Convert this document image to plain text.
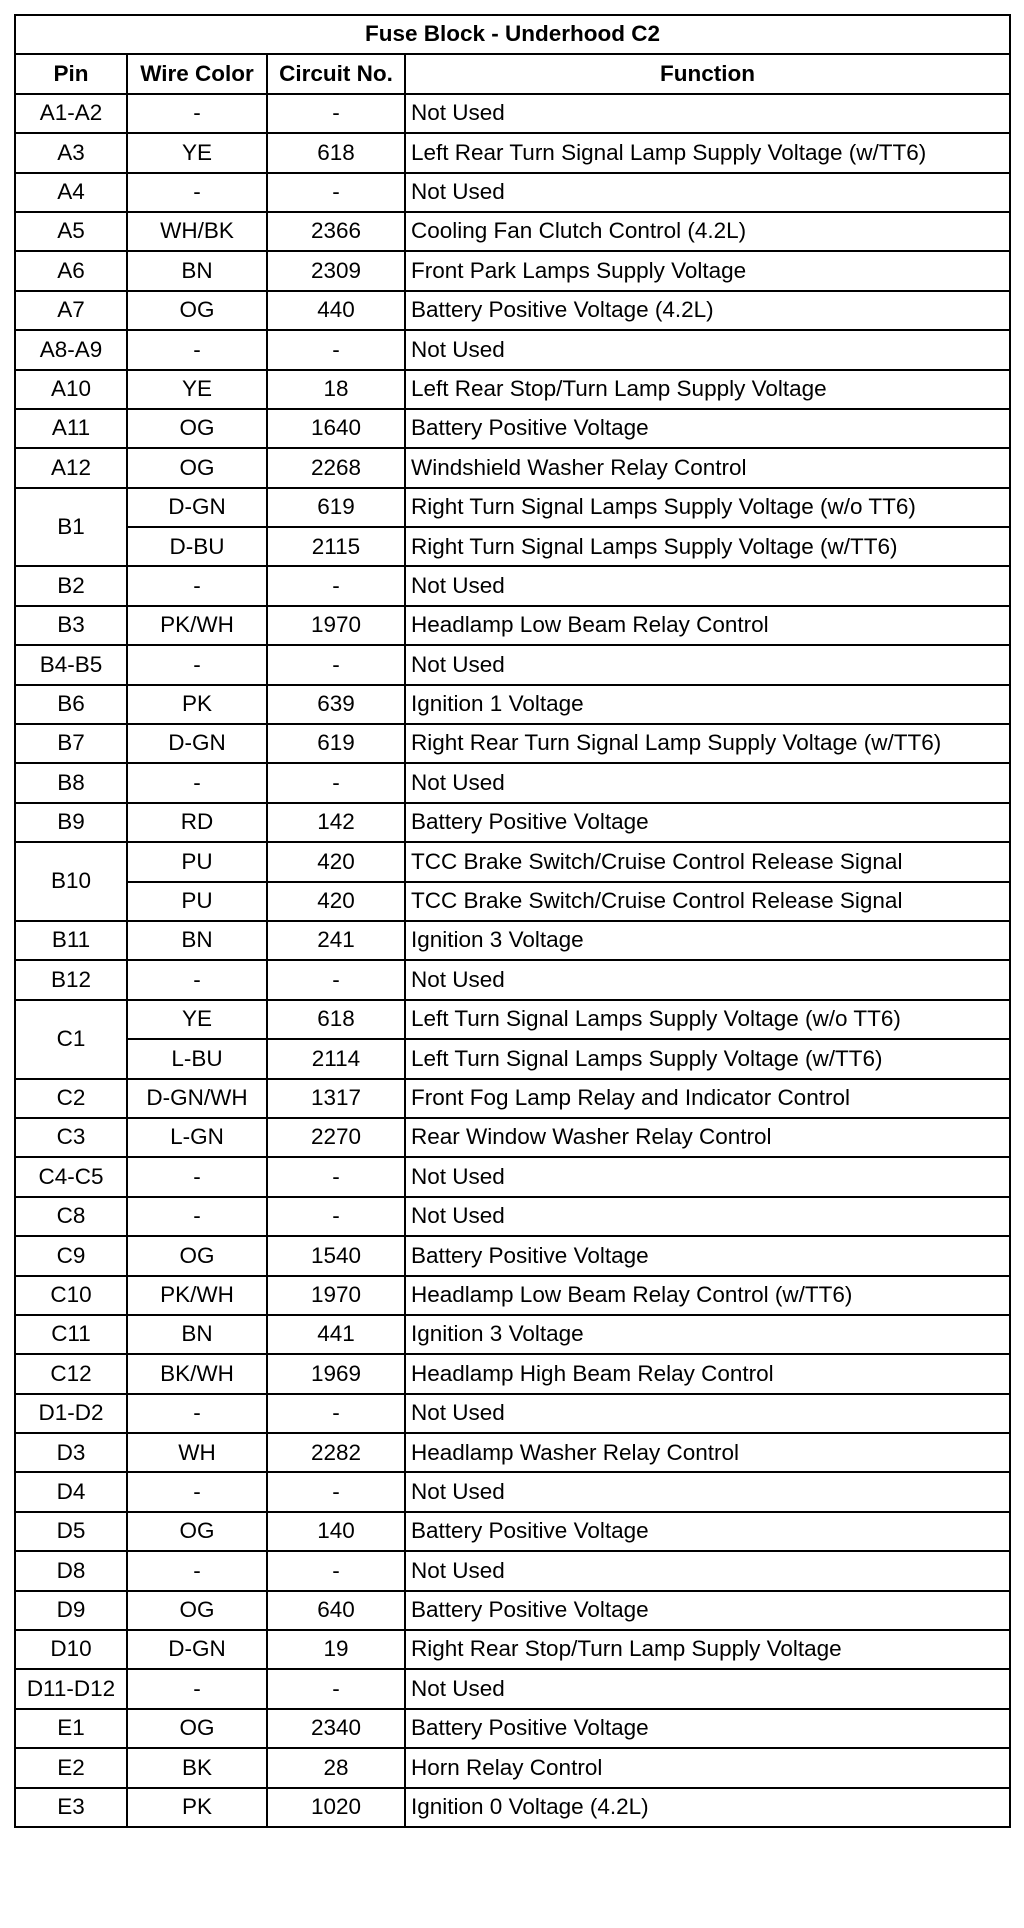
Fuse Block - Underhood C2			
Pin	Wire Color	Circuit No.	Function
A1-A2	-	-	Not Used
A3	YE	618	Left Rear Turn Signal Lamp Supply Voltage (w/TT6)
A4	-	-	Not Used
A5	WH/BK	2366	Cooling Fan Clutch Control (4.2L)
A6	BN	2309	Front Park Lamps Supply Voltage
A7	OG	440	Battery Positive Voltage (4.2L)
A8-A9	-	-	Not Used
A10	YE	18	Left Rear Stop/Turn Lamp Supply Voltage
A11	OG	1640	Battery Positive Voltage
A12	OG	2268	Windshield Washer Relay Control
B1	D-GN	619	Right Turn Signal Lamps Supply Voltage (w/o TT6)
	D-BU	2115	Right Turn Signal Lamps Supply Voltage (w/TT6)
B2	-	-	Not Used
B3	PK/WH	1970	Headlamp Low Beam Relay Control
B4-B5	-	-	Not Used
B6	PK	639	Ignition 1 Voltage
B7	D-GN	619	Right Rear Turn Signal Lamp Supply Voltage (w/TT6)
B8	-	-	Not Used
B9	RD	142	Battery Positive Voltage
B10	PU	420	TCC Brake Switch/Cruise Control Release Signal
	PU	420	TCC Brake Switch/Cruise Control Release Signal
B11	BN	241	Ignition 3 Voltage
B12	-	-	Not Used
C1	YE	618	Left Turn Signal Lamps Supply Voltage (w/o TT6)
	L-BU	2114	Left Turn Signal Lamps Supply Voltage (w/TT6)
C2	D-GN/WH	1317	Front Fog Lamp Relay and Indicator Control
C3	L-GN	2270	Rear Window Washer Relay Control
C4-C5	-	-	Not Used
C8	-	-	Not Used
C9	OG	1540	Battery Positive Voltage
C10	PK/WH	1970	Headlamp Low Beam Relay Control (w/TT6)
C11	BN	441	Ignition 3 Voltage
C12	BK/WH	1969	Headlamp High Beam Relay Control
D1-D2	-	-	Not Used
D3	WH	2282	Headlamp Washer Relay Control
D4	-	-	Not Used
D5	OG	140	Battery Positive Voltage
D8	-	-	Not Used
D9	OG	640	Battery Positive Voltage
D10	D-GN	19	Right Rear Stop/Turn Lamp Supply Voltage
D11-D12	-	-	Not Used
E1	OG	2340	Battery Positive Voltage
E2	BK	28	Horn Relay Control
E3	PK	1020	Ignition 0 Voltage (4.2L)
